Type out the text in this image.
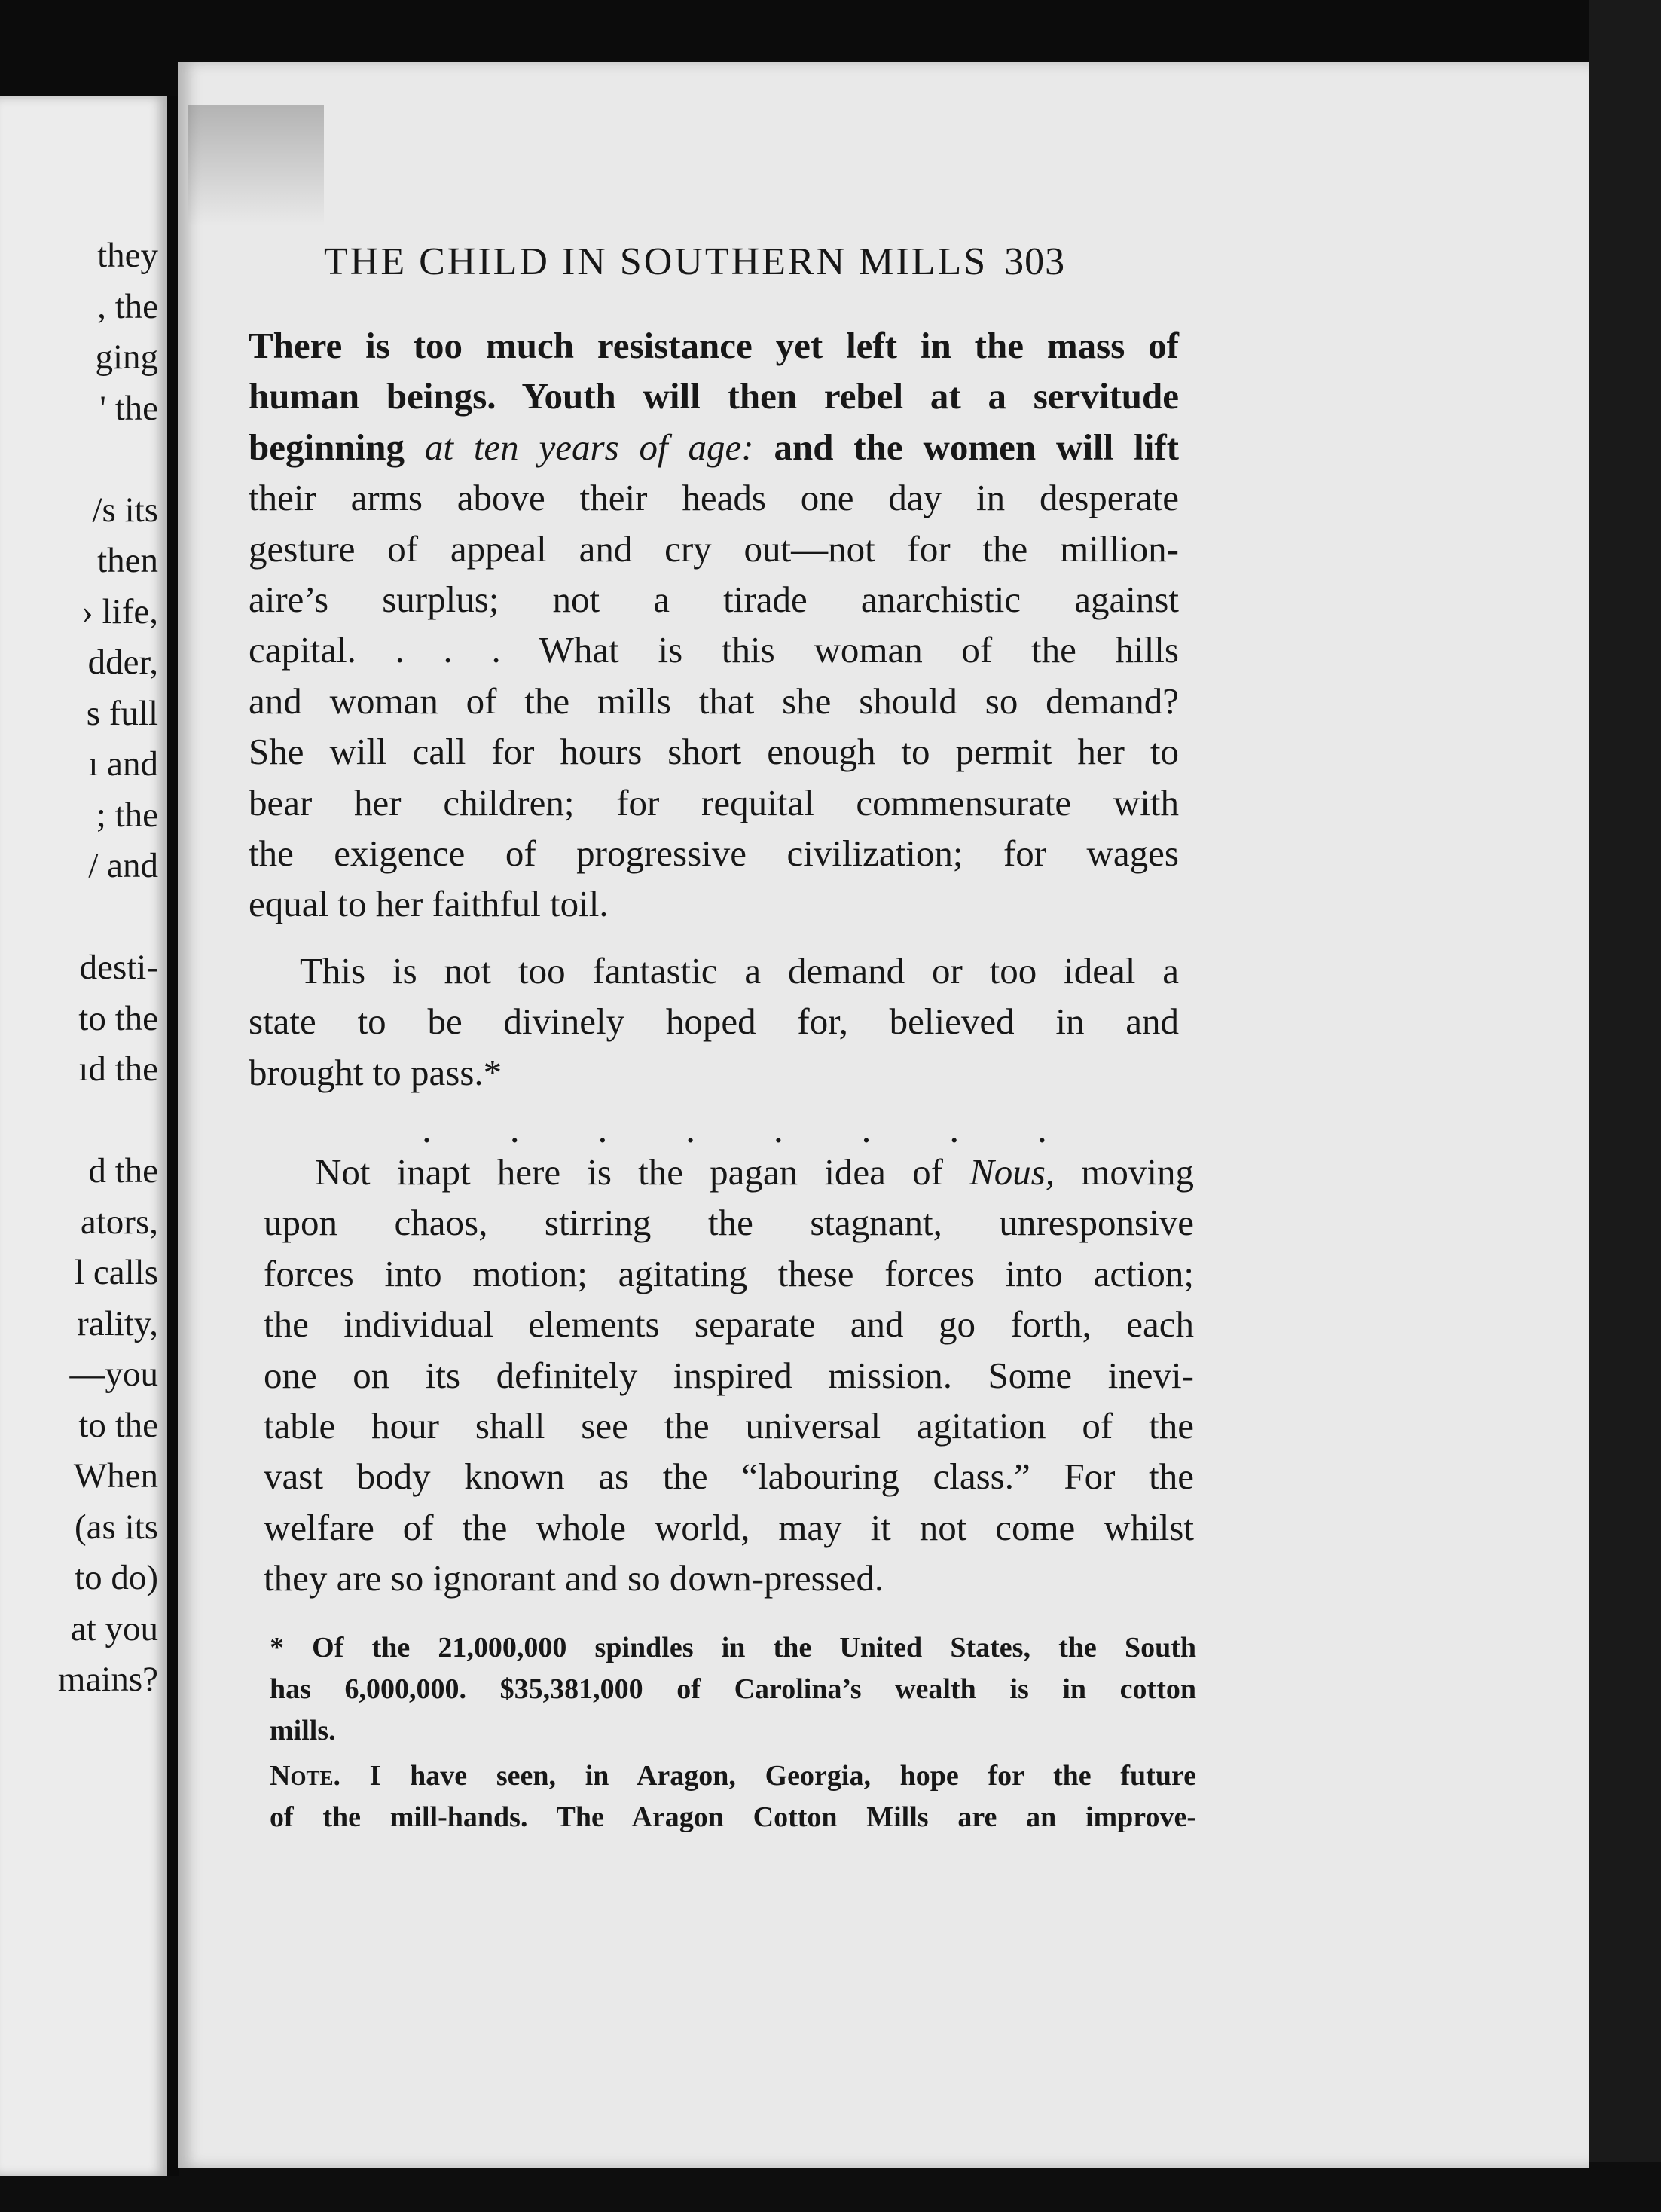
they
, the
ging
' the
/s its
then
› life,
dder,
s full
ı and
; the
/ and
desti-
to the
ıd the
d the
ators,
l calls
rality,
—you
to the
When
(as its
to do)
at you
mains?
THE CHILD IN SOUTHERN MILLS 303
There is too much resistance yet left in the mass of
human beings. Youth will then rebel at a servitude
beginning at ten years of age: and the women will lift
their arms above their heads one day in desperate
gesture of appeal and cry out—not for the million-
aire’s surplus; not a tirade anarchistic against
capital. . . . What is this woman of the hills
and woman of the mills that she should so demand?
She will call for hours short enough to permit her to
bear her children; for requital commensurate with
the exigence of progressive civilization; for wages
equal to her faithful toil.
This is not too fantastic a demand or too ideal a
state to be divinely hoped for, believed in and
brought to pass.*
. . . . . . . .
Not inapt here is the pagan idea of Nous, moving
upon chaos, stirring the stagnant, unresponsive
forces into motion; agitating these forces into action;
the individual elements separate and go forth, each
one on its definitely inspired mission. Some inevi-
table hour shall see the universal agitation of the
vast body known as the “labouring class.” For the
welfare of the whole world, may it not come whilst
they are so ignorant and so down-pressed.
* Of the 21,000,000 spindles in the United States, the South
has 6,000,000. $35,381,000 of Carolina’s wealth is in cotton
mills.
Note. I have seen, in Aragon, Georgia, hope for the future
of the mill-hands. The Aragon Cotton Mills are an improve-
